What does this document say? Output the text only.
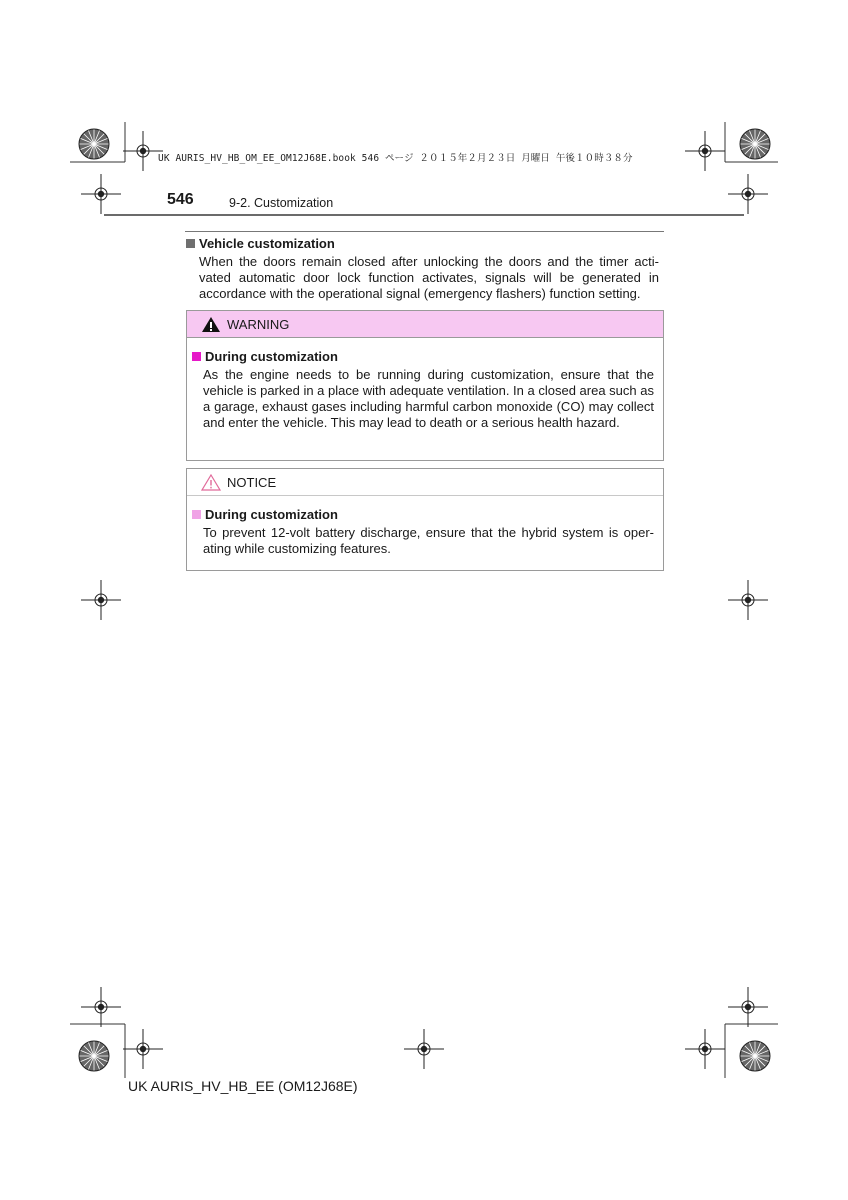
UK AURIS_HV_HB_OM_EE_OM12J68E.book 546 ページ ２０１５年２月２３日 月曜日 午後１０時３８分
546	9-2. Customization
Vehicle customization
When the doors remain closed after unlocking the doors and the timer acti-vated automatic door lock function activates, signals will be generated in accordance with the operational signal (emergency flashers) function setting.
WARNING
During customization
As the engine needs to be running during customization, ensure that the vehicle is parked in a place with adequate ventilation. In a closed area such as a garage, exhaust gases including harmful carbon monoxide (CO) may collect and enter the vehicle. This may lead to death or a serious health hazard.
NOTICE
During customization
To prevent 12-volt battery discharge, ensure that the hybrid system is oper-ating while customizing features.
UK AURIS_HV_HB_EE (OM12J68E)
